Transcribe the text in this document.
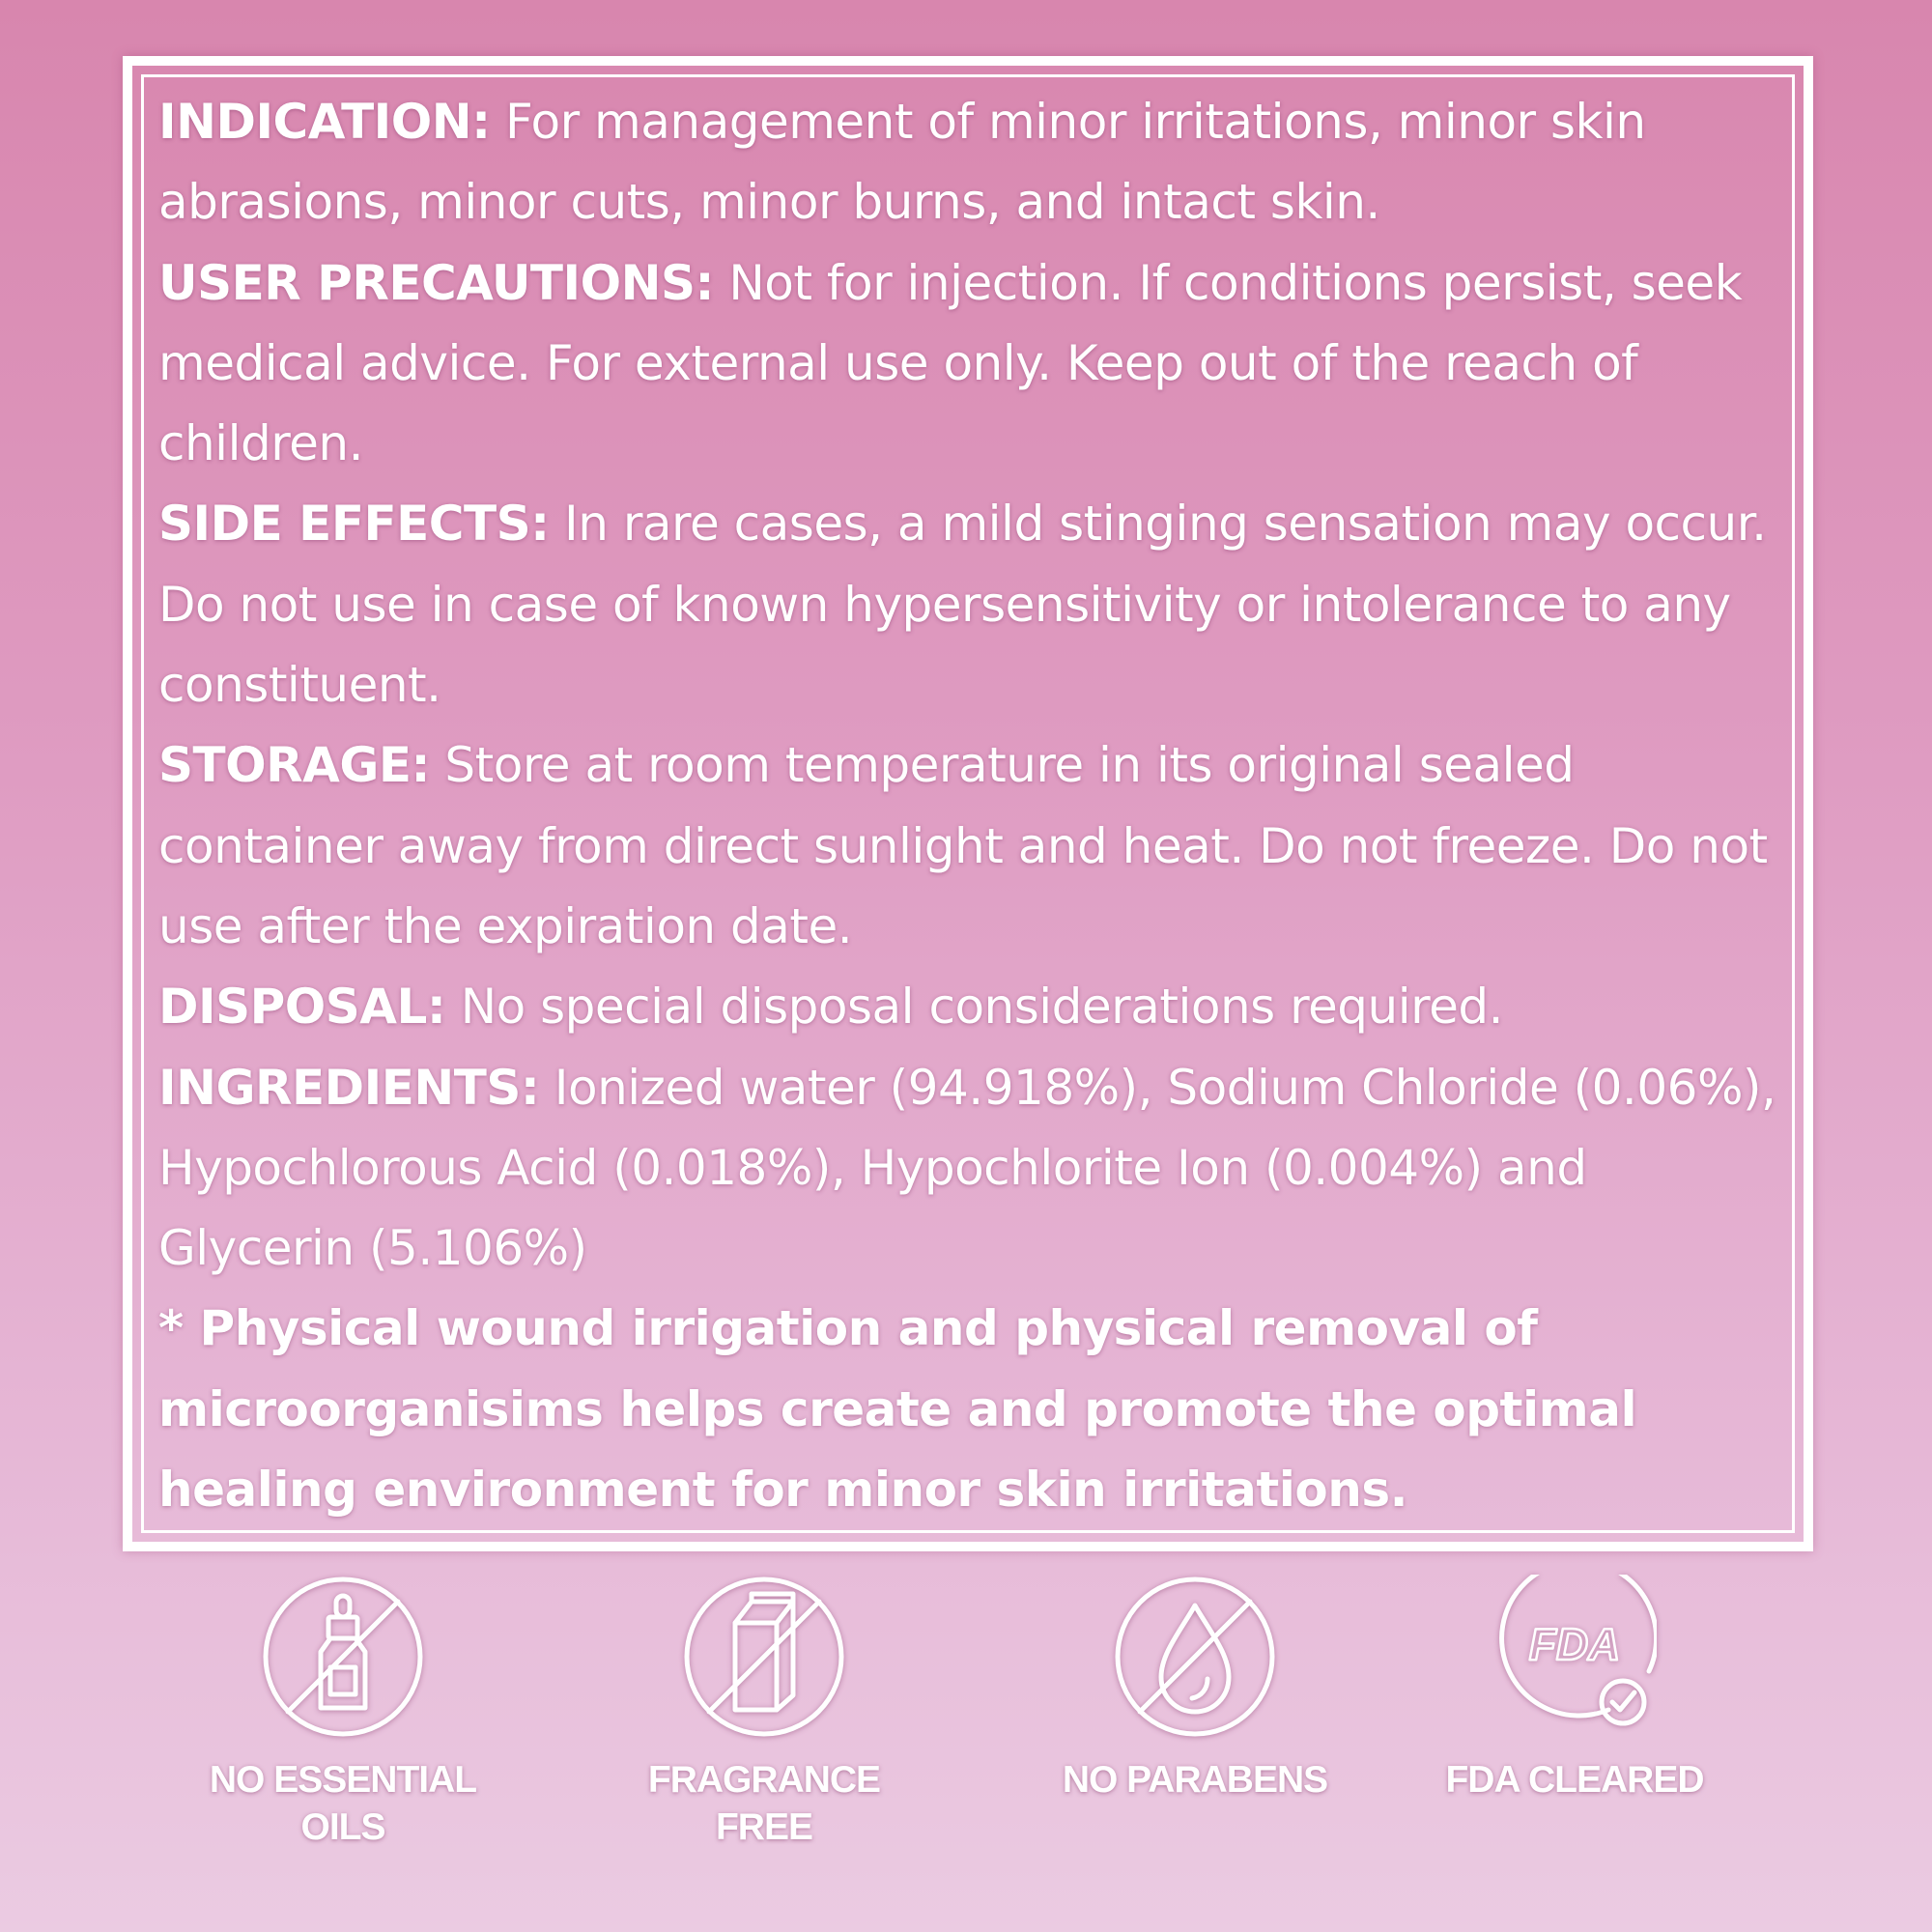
INDICATION: For management of minor irritations, minor skin abrasions, minor cuts, minor burns, and intact skin.

USER PRECAUTIONS: Not for injection. If conditions persist, seek medical advice. For external use only. Keep out of the reach of children.

SIDE EFFECTS: In rare cases, a mild stinging sensation may occur. Do not use in case of known hypersensitivity or intolerance to any constituent.

STORAGE: Store at room temperature in its original sealed container away from direct sunlight and heat. Do not freeze. Do not use after the expiration date.

DISPOSAL: No special disposal considerations required.

INGREDIENTS: Ionized water (94.918%), Sodium Chloride (0.06%), Hypochlorous Acid (0.018%), Hypochlorite Ion (0.004%) and Glycerin (5.106%)

* Physical wound irrigation and physical removal of microorganisims helps create and promote the optimal healing environment for minor skin irritations.

NO ESSENTIAL
OILS
FRAGRANCE
FREE
NO PARABENS
FDA
FDA CLEARED
